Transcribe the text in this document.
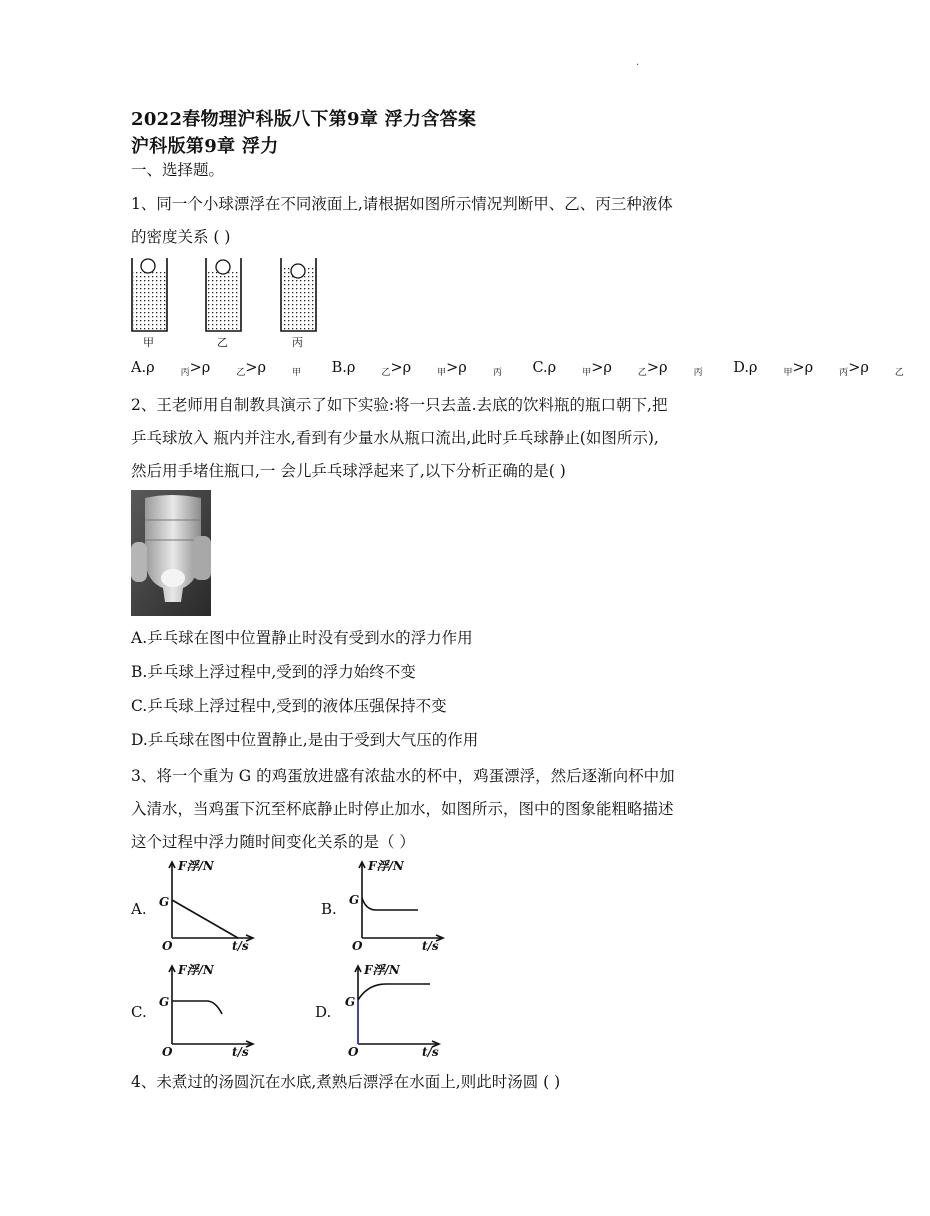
·
2022春物理沪科版八下第9章 浮力含答案
沪科版第9章 浮力
一、选择题。
1、同一个小球漂浮在不同液面上,请根据如图所示情况判断甲、乙、丙三种液体
的密度关系 ( )
甲	乙	丙
A.ρ	$_丙$>ρ	$_乙$>ρ	$_甲$ B.ρ	$_乙$>ρ	$_甲$>ρ	$_丙$ C.ρ	$_甲$>ρ	$_乙$>ρ	$_丙$ D.ρ	$_甲$>ρ	$_丙$>ρ	$_乙$
2、王老师用自制教具演示了如下实验:将一只去盖.去底的饮料瓶的瓶口朝下,把
乒乓球放入 瓶内并注水,看到有少量水从瓶口流出,此时乒乓球静止(如图所示),
然后用手堵住瓶口,一 会儿乒乓球浮起来了,以下分析正确的是( )
A.乒乓球在图中位置静止时没有受到水的浮力作用
B.乒乓球上浮过程中,受到的浮力始终不变
C.乒乓球上浮过程中,受到的液体压强保持不变
D.乒乓球在图中位置静止,是由于受到大气压的作用
3、将一个重为 G 的鸡蛋放进盛有浓盐水的杯中，鸡蛋漂浮，然后逐渐向杯中加
入清水，当鸡蛋下沉至杯底静止时停止加水，如图所示，图中的图象能粗略描述
这个过程中浮力随时间变化关系的是（ ）
A.	B.
C.	D.
F浮/N
G
O	t/s
F浮/N
G
O	t/s
F浮/N
G
O	t/s
F浮/N
G
O	t/s
4、未煮过的汤圆沉在水底,煮熟后漂浮在水面上,则此时汤圆 ( )
